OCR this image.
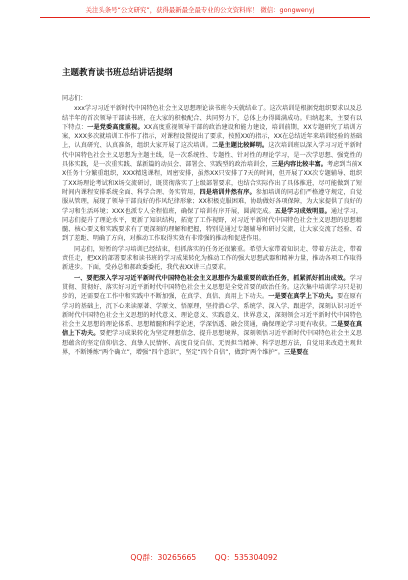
关注头条号“公文研究”，获得最新最全最专业的公文资料库！ 微信：gongwenyj
主题教育读书班总结讲话提纲
同志们：

xxx学习习近平新时代中国特色社会主义思想理论读书班今天就结业了。这次培训是根据党组织要求以及总结半年的首次领导干部读书班，在大家的积极配合、共同努力下，总体上办得圆满成功。归纳起来，主要有以下特点：一是党委高度重视。XX高度重视领导干部的政治建设和能力建设，培训前期，XX专题研究了培训方案，XXX多次就培训工作作了指示，对课程设置提出了要求，按照XX的指示，XX在总结近年来培训经验的基础上，认真研究、认真准备，组织大家开展了这次培训。二是主题比较鲜明。这次培训班以深入学习习近平新时代中国特色社会主义思想为主题主线，是一次系统性、专题性、针对性的理论学习，是一次学思想、强党性的具体实践，是一次重实践、谋新篇的动员会、部署会、实践型的政治培训会，三是内容比较丰富。考虑到当前XX任务十分繁重组织，XXX精选课程，周密安排，虽然XX只安排了7天的时间，但开展了XX次专题辅导、组织了XX场理论考试和X场交流研讨，既贯彻落实了上级部署要求，也结合实际作出了具体推进，尽可能做到了短时间内课程安排系统全面、科学合理、务实管用，四是培训井然有序。参加培训的同志们严格遵守规定，自觉服从管理，展现了领导干部良好的作风纪律形象；XX积极克服困难，协助做好各项保障，为大家提供了良好的学习和生活环境；XXX也派专人全程值班，确保了培训有序开展，圆满完成。五是学习成效明显。通过学习，同志们提升了理论水平，更新了知识结构，拓宽了工作视野，对习近平新时代中国特色社会主义思想的思想精髓、核心要义和实践要求有了更深刻的理解和把握，特别是通过专题辅导和研讨交流，让大家交流了经验、看到了差距、明确了方向，对推动工作取得实效有非常强的推动和促进作用。

同志们，短暂的学习培训已经结束，但抓落实的任务还很繁重。希望大家带着知识走、带着方法走，带着责任走，把XX的部署要求和读书班的学习成果转化为推动工作的强大思想武器和精神力量，推动各项工作取得新进步。下面，受孙总和郝政委委托，我代表XX讲三点要求。

一、要把深入学习习近平新时代中国特色社会主义思想作为最重要的政治任务，抓紧抓好抓出成效。学习贯彻、贯彻好、落实好习近平新时代中国特色社会主义思想是全党首要的政治任务。这次集中培训学习只是初步的，还需要在工作中和实践中不断加强，在真学、真信、真用上下功夫。一是要在真学上下功夫。要在原有学习的基础上，沉下心来读原著、学原文、悟原理，坚持潜心学、系统学、深入学、跟进学，深刻认识习近平新时代中国特色社会主义思想的时代意义、理论意义、实践意义、世界意义，深刻领会习近平新时代中国特色社会主义思想的理论体系、思想精髓和科学论述，学深悟透、融会贯通，确保理论学习更有收获。二是要在真信上下功夫。要把学习成果转化为坚定理想信念、提升思想境界，深刻领悟习近平新时代中国特色社会主义思想蕴含的坚定信仰信念、真挚人民情怀、高度自觉自信、无畏担当精神、科学思想方法，自觉用来改造主观世界，不断锤炼“两个确立”，增强“四个意识”，坚定“四个自信”，做到“两个维护”。三是要在

QQ群：30265665 QQ：535304092
